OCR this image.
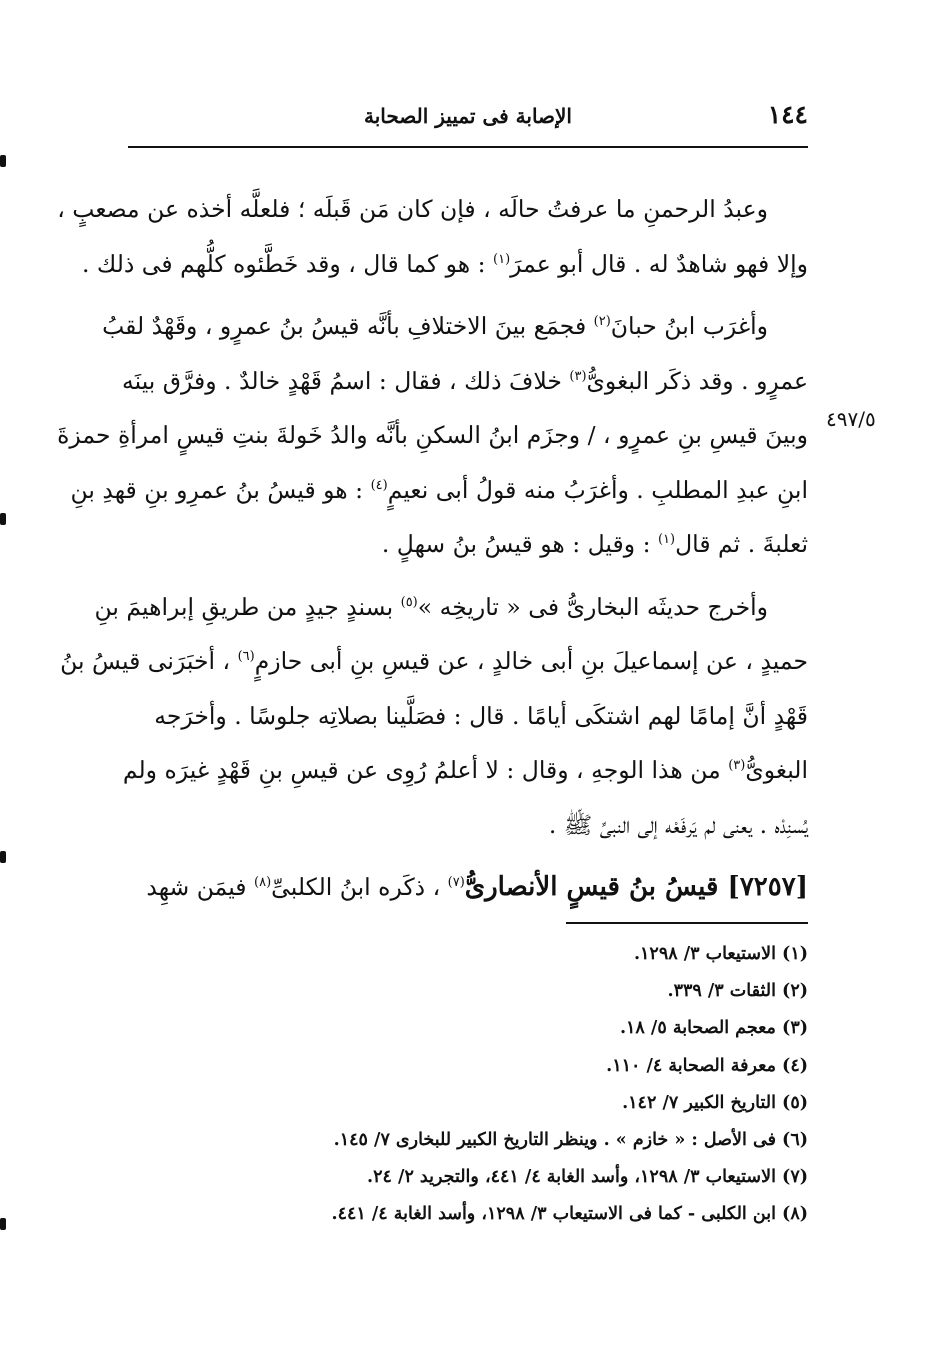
١٤٤
الإصابة فى تمييز الصحابة
٤٩٧/٥
وعبدُ الرحمنِ ما عرفتُ حالَه ، فإن كان مَن قَبلَه ؛ فلعلَّه أخذه عن مصعبٍ ،
وإلا فهو شاهدٌ له . قال أبو عمرَ$^{(١)}$ : هو كما قال ، وقد خَطَّئوه كلُّهم فى ذلك .
وأغرَب ابنُ حبانَ$^{(٢)}$ فجمَع بينَ الاختلافِ بأنَّه قيسُ بنُ عمرٍو ، وقَهْدٌ لقبُ
عمرٍو . وقد ذكَر البغوىُّ$^{(٣)}$ خلافَ ذلك ، فقال : اسمُ قَهْدٍ خالدٌ . وفرَّق بينَه
وبينَ قيسِ بنِ عمرٍو ، / وجزَم ابنُ السكنِ بأنَّه والدُ خَولةَ بنتِ قيسٍ امرأةِ حمزةَ
ابنِ عبدِ المطلبِ . وأغرَبُ منه قولُ أبى نعيمٍ$^{(٤)}$ : هو قيسُ بنُ عمرِو بنِ قهدِ بنِ
ثعلبةَ . ثم قال$^{(١)}$ : وقيل : هو قيسُ بنُ سهلٍ .
وأخرج حديثَه البخارىُّ فى « تاريخِه »$^{(٥)}$ بسندٍ جيدٍ من طريقِ إبراهيمَ بنِ
حميدٍ ، عن إسماعيلَ بنِ أبى خالدٍ ، عن قيسِ بنِ أبى حازمٍ$^{(٦)}$ ، أخبَرَنى قيسُ بنُ
قَهْدٍ أنَّ إمامًا لهم اشتكَى أيامًا . قال : فصَلَّينا بصلاتِه جلوسًا . وأخرَجه
البغوىُّ$^{(٣)}$ من هذا الوجهِ ، وقال : لا أعلمُ رُوِى عن قيسِ بنِ قَهْدٍ غيرَه ولم
يُسنِدْه . يعنى لم يَرفَعْه إلى النبىِّ ﷺ .
[٧٢٥٧] قيسُ بنُ قيسٍ الأنصارىُّ$^{(٧)}$ ، ذكَره ابنُ الكلبىِّ$^{(٨)}$ فيمَن شهِد
(١) الاستيعاب ٣/ ١٢٩٨.
(٢) الثقات ٣/ ٣٣٩.
(٣) معجم الصحابة ٥/ ١٨.
(٤) معرفة الصحابة ٤/ ١١٠.
(٥) التاريخ الكبير ٧/ ١٤٢.
(٦) فى الأصل : « خازم » . وينظر التاريخ الكبير للبخارى ٧/ ١٤٥.
(٧) الاستيعاب ٣/ ١٢٩٨، وأسد الغابة ٤/ ٤٤١، والتجريد ٢/ ٢٤.
(٨) ابن الكلبى - كما فى الاستيعاب ٣/ ١٢٩٨، وأسد الغابة ٤/ ٤٤١.
